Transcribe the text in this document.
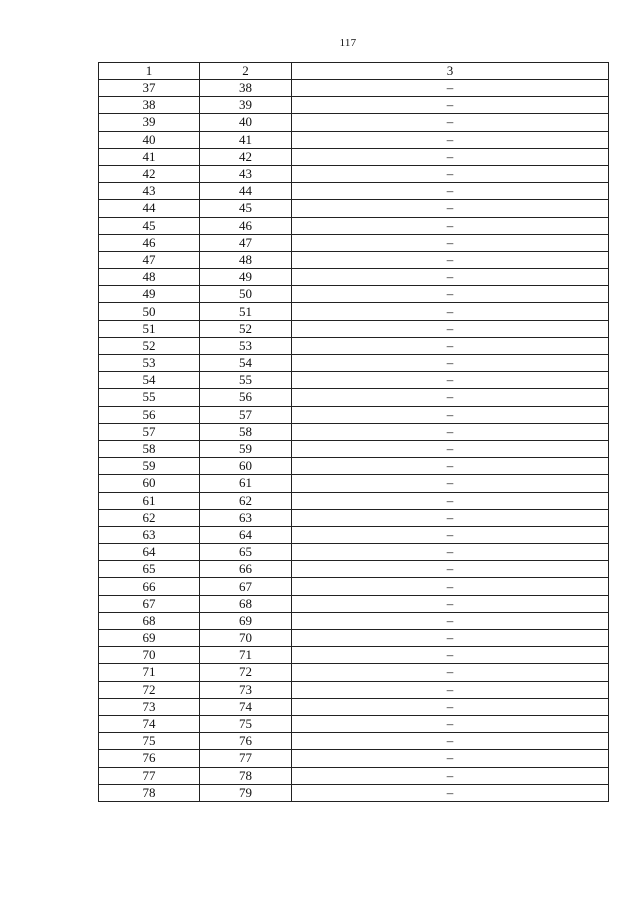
117
1	2	3
37	38	–
38	39	–
39	40	–
40	41	–
41	42	–
42	43	–
43	44	–
44	45	–
45	46	–
46	47	–
47	48	–
48	49	–
49	50	–
50	51	–
51	52	–
52	53	–
53	54	–
54	55	–
55	56	–
56	57	–
57	58	–
58	59	–
59	60	–
60	61	–
61	62	–
62	63	–
63	64	–
64	65	–
65	66	–
66	67	–
67	68	–
68	69	–
69	70	–
70	71	–
71	72	–
72	73	–
73	74	–
74	75	–
75	76	–
76	77	–
77	78	–
78	79	–
